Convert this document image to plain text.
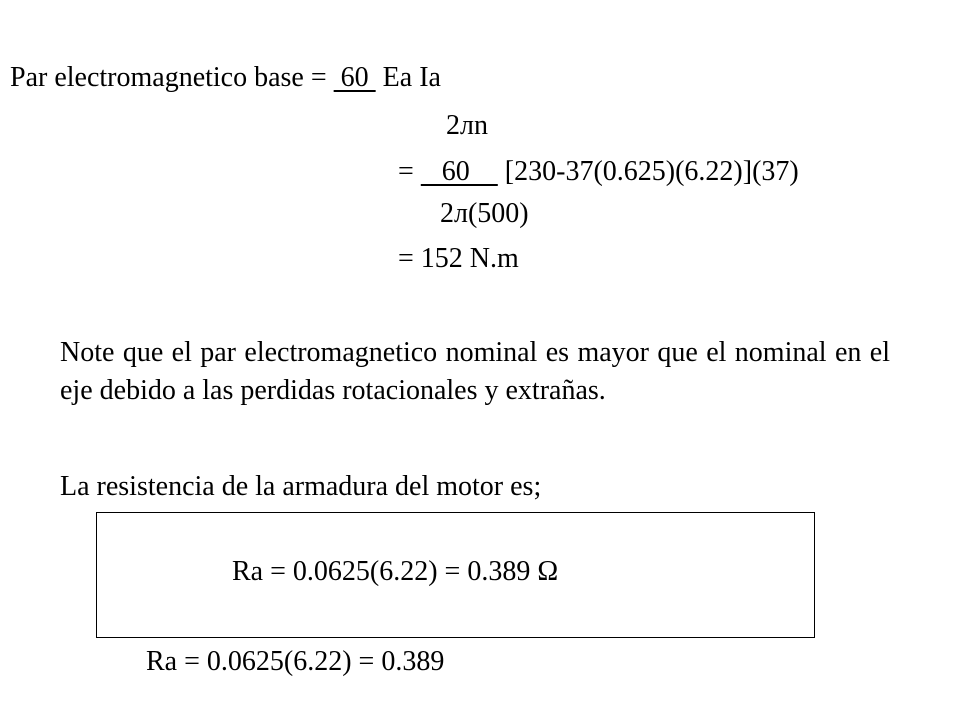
Par electromagnetico base =  60  Ea Ia
2лn
=    60     [230-37(0.625)(6.22)](37)
2л(500)
= 152 N.m
Note que el par electromagnetico nominal es mayor que el nominal en el eje debido a las perdidas rotacionales y extrañas.
La resistencia de la armadura del motor es;
Ra = 0.0625(6.22) = 0.389 Ω
Ra = 0.0625(6.22) = 0.389
